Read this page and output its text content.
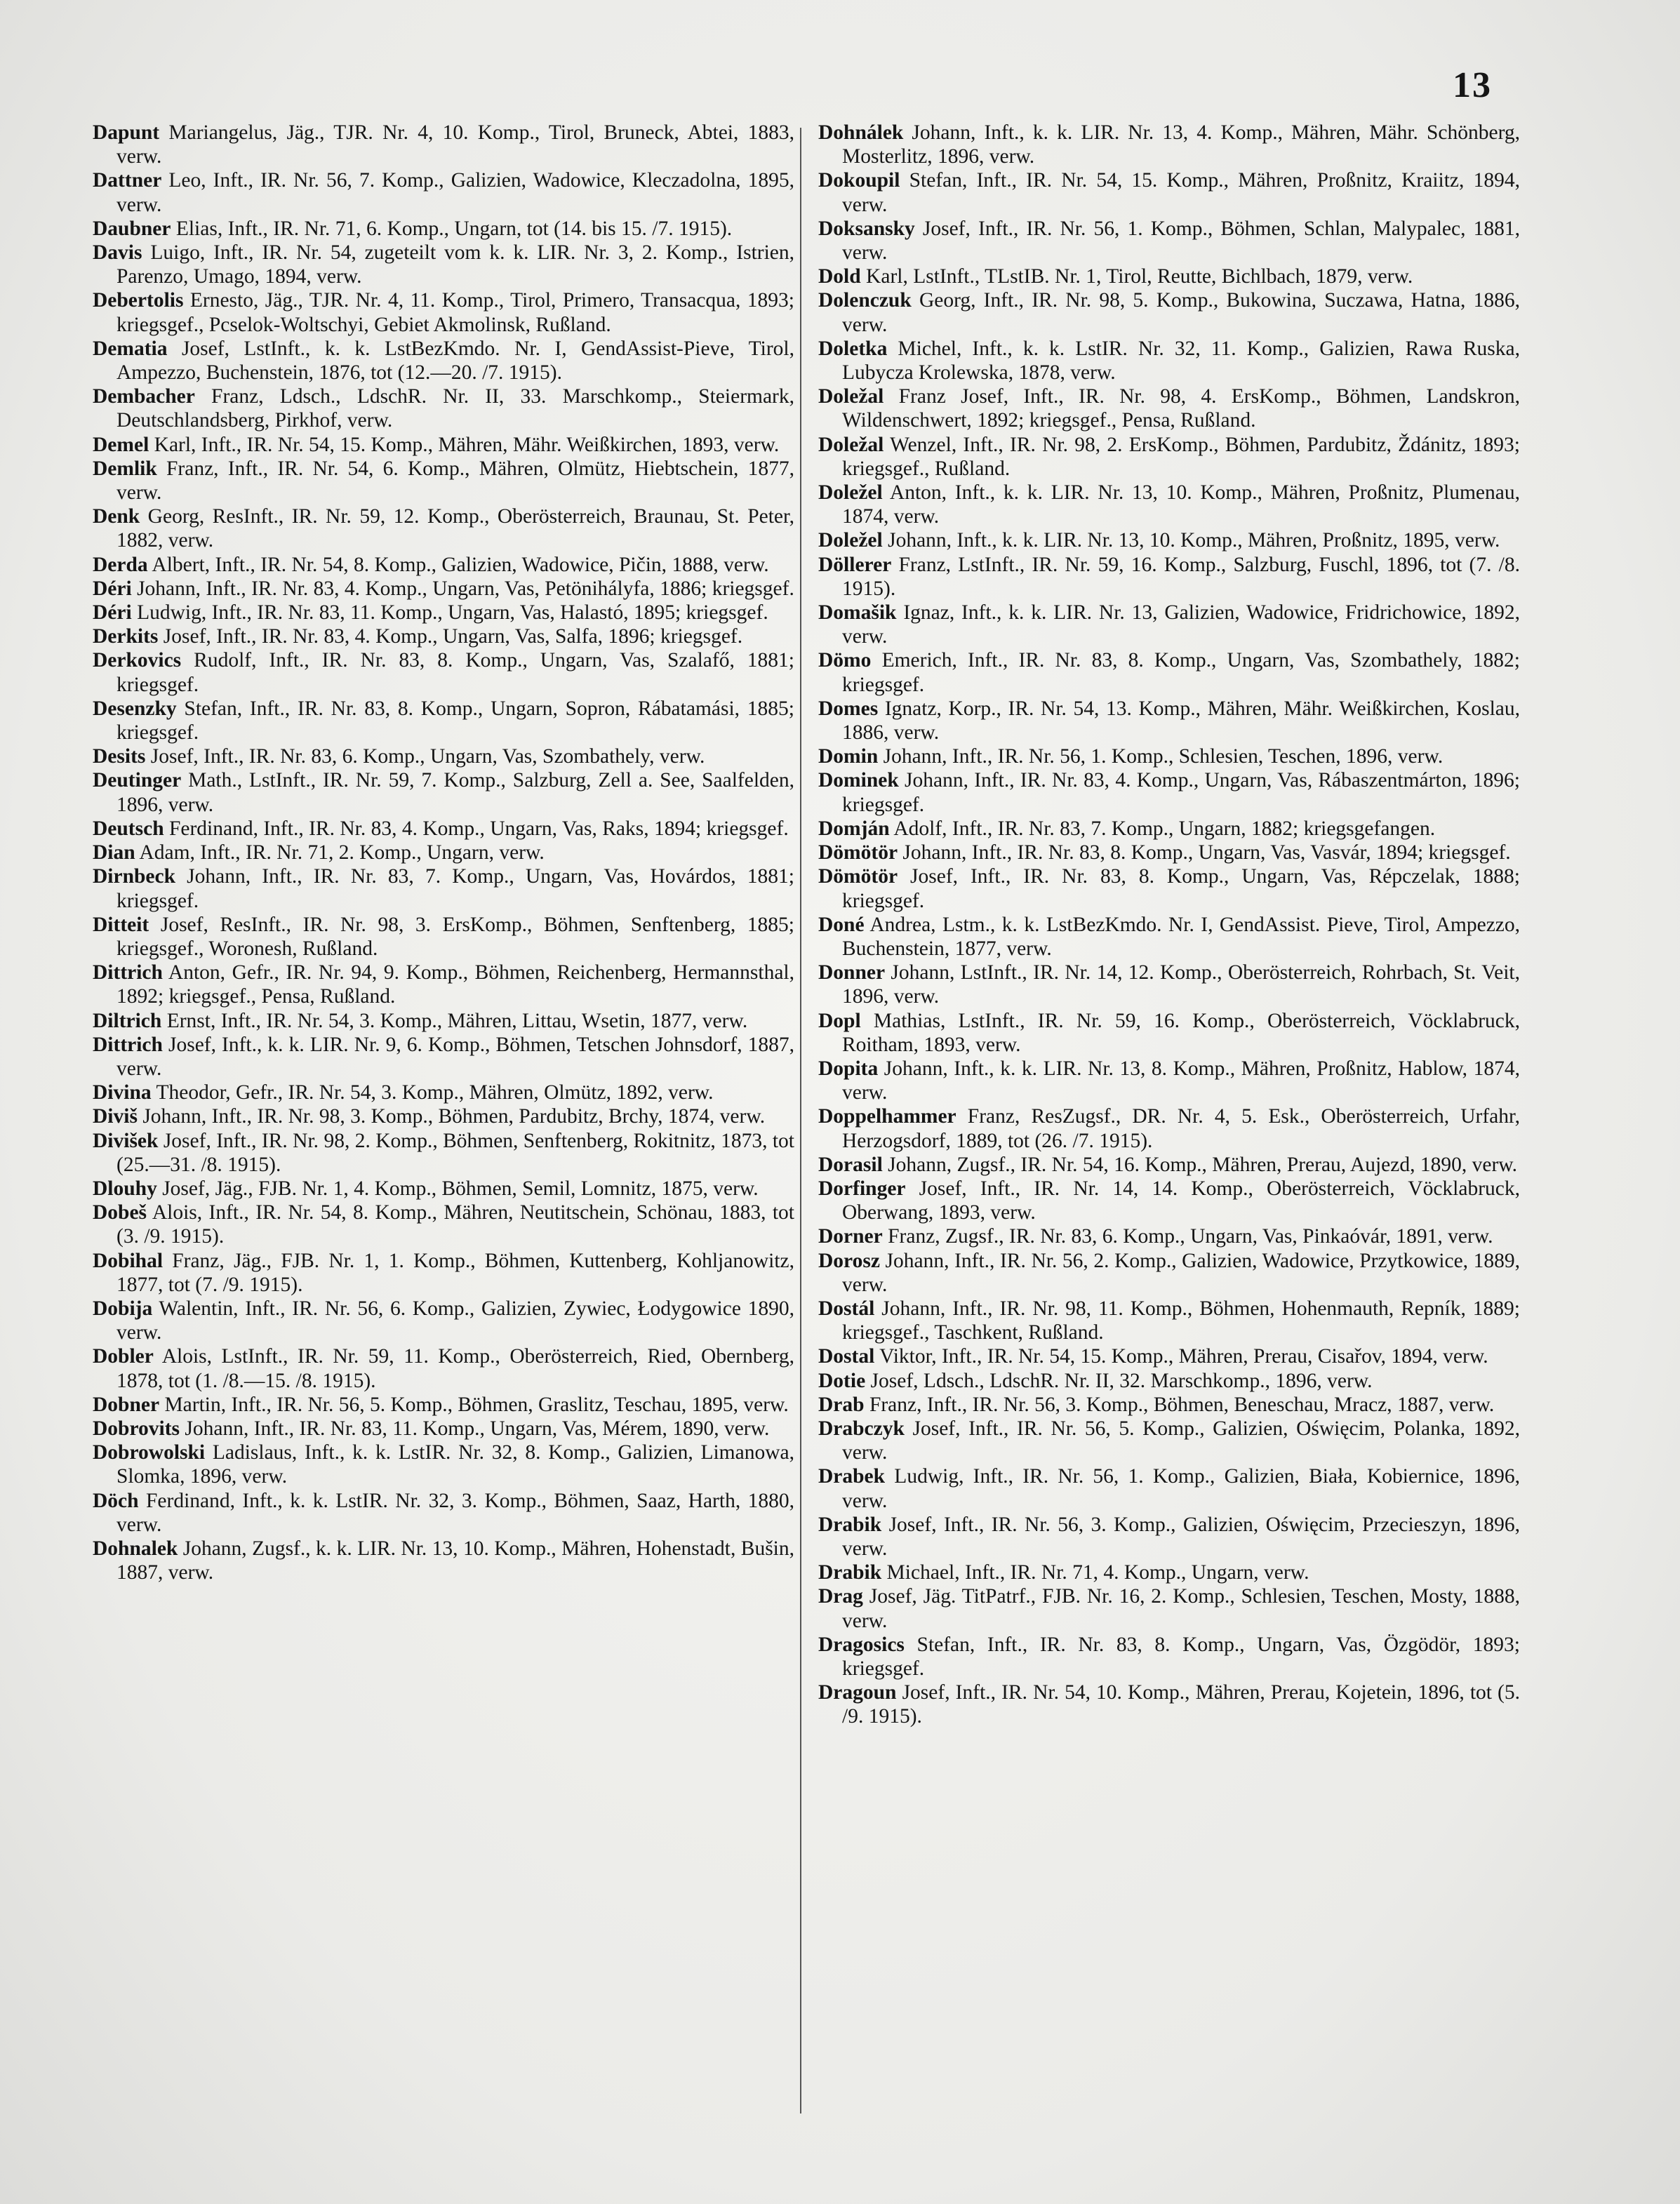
13

Dapunt Mariangelus, Jäg., TJR. Nr. 4, 10. Komp., Tirol, Bruneck, Abtei, 1883, verw.

Dattner Leo, Inft., IR. Nr. 56, 7. Komp., Galizien, Wadowice, Kleczadolna, 1895, verw.

Daubner Elias, Inft., IR. Nr. 71, 6. Komp., Ungarn, tot (14. bis 15. /7. 1915).

Davis Luigo, Inft., IR. Nr. 54, zugeteilt vom k. k. LIR. Nr. 3, 2. Komp., Istrien, Parenzo, Umago, 1894, verw.

Debertolis Ernesto, Jäg., TJR. Nr. 4, 11. Komp., Tirol, Primero, Transacqua, 1893; kriegsgef., Pcselok-Woltschyi, Gebiet Akmolinsk, Rußland.

Dematia Josef, LstInft., k. k. LstBezKmdo. Nr. I, GendAssist-Pieve, Tirol, Ampezzo, Buchenstein, 1876, tot (12.—20. /7. 1915).

Dembacher Franz, Ldsch., LdschR. Nr. II, 33. Marschkomp., Steiermark, Deutschlandsberg, Pirkhof, verw.

Demel Karl, Inft., IR. Nr. 54, 15. Komp., Mähren, Mähr. Weißkirchen, 1893, verw.

Demlik Franz, Inft., IR. Nr. 54, 6. Komp., Mähren, Olmütz, Hiebtschein, 1877, verw.

Denk Georg, ResInft., IR. Nr. 59, 12. Komp., Oberösterreich, Braunau, St. Peter, 1882, verw.

Derda Albert, Inft., IR. Nr. 54, 8. Komp., Galizien, Wadowice, Pičin, 1888, verw.

Déri Johann, Inft., IR. Nr. 83, 4. Komp., Ungarn, Vas, Petönihályfa, 1886; kriegsgef.

Déri Ludwig, Inft., IR. Nr. 83, 11. Komp., Ungarn, Vas, Halastó, 1895; kriegsgef.

Derkits Josef, Inft., IR. Nr. 83, 4. Komp., Ungarn, Vas, Salfa, 1896; kriegsgef.

Derkovics Rudolf, Inft., IR. Nr. 83, 8. Komp., Ungarn, Vas, Szalafő, 1881; kriegsgef.

Desenzky Stefan, Inft., IR. Nr. 83, 8. Komp., Ungarn, Sopron, Rábatamási, 1885; kriegsgef.

Desits Josef, Inft., IR. Nr. 83, 6. Komp., Ungarn, Vas, Szombathely, verw.

Deutinger Math., LstInft., IR. Nr. 59, 7. Komp., Salzburg, Zell a. See, Saalfelden, 1896, verw.

Deutsch Ferdinand, Inft., IR. Nr. 83, 4. Komp., Ungarn, Vas, Raks, 1894; kriegsgef.

Dian Adam, Inft., IR. Nr. 71, 2. Komp., Ungarn, verw.

Dirnbeck Johann, Inft., IR. Nr. 83, 7. Komp., Ungarn, Vas, Hovárdos, 1881; kriegsgef.

Ditteit Josef, ResInft., IR. Nr. 98, 3. ErsKomp., Böhmen, Senftenberg, 1885; kriegsgef., Woronesh, Rußland.

Dittrich Anton, Gefr., IR. Nr. 94, 9. Komp., Böhmen, Reichenberg, Hermannsthal, 1892; kriegsgef., Pensa, Rußland.

Diltrich Ernst, Inft., IR. Nr. 54, 3. Komp., Mähren, Littau, Wsetin, 1877, verw.

Dittrich Josef, Inft., k. k. LIR. Nr. 9, 6. Komp., Böhmen, Tetschen Johnsdorf, 1887, verw.

Divina Theodor, Gefr., IR. Nr. 54, 3. Komp., Mähren, Olmütz, 1892, verw.

Diviš Johann, Inft., IR. Nr. 98, 3. Komp., Böhmen, Pardubitz, Brchy, 1874, verw.

Divišek Josef, Inft., IR. Nr. 98, 2. Komp., Böhmen, Senftenberg, Rokitnitz, 1873, tot (25.—31. /8. 1915).

Dlouhy Josef, Jäg., FJB. Nr. 1, 4. Komp., Böhmen, Semil, Lomnitz, 1875, verw.

Dobeš Alois, Inft., IR. Nr. 54, 8. Komp., Mähren, Neutitschein, Schönau, 1883, tot (3. /9. 1915).

Dobihal Franz, Jäg., FJB. Nr. 1, 1. Komp., Böhmen, Kuttenberg, Kohljanowitz, 1877, tot (7. /9. 1915).

Dobija Walentin, Inft., IR. Nr. 56, 6. Komp., Galizien, Zywiec, Łodygowice 1890, verw.

Dobler Alois, LstInft., IR. Nr. 59, 11. Komp., Oberösterreich, Ried, Obernberg, 1878, tot (1. /8.—15. /8. 1915).

Dobner Martin, Inft., IR. Nr. 56, 5. Komp., Böhmen, Graslitz, Teschau, 1895, verw.

Dobrovits Johann, Inft., IR. Nr. 83, 11. Komp., Ungarn, Vas, Mérem, 1890, verw.

Dobrowolski Ladislaus, Inft., k. k. LstIR. Nr. 32, 8. Komp., Galizien, Limanowa, Slomka, 1896, verw.

Döch Ferdinand, Inft., k. k. LstIR. Nr. 32, 3. Komp., Böhmen, Saaz, Harth, 1880, verw.

Dohnalek Johann, Zugsf., k. k. LIR. Nr. 13, 10. Komp., Mähren, Hohenstadt, Bušin, 1887, verw.

Dohnálek Johann, Inft., k. k. LIR. Nr. 13, 4. Komp., Mähren, Mähr. Schönberg, Mosterlitz, 1896, verw.

Dokoupil Stefan, Inft., IR. Nr. 54, 15. Komp., Mähren, Proßnitz, Kraiitz, 1894, verw.

Doksansky Josef, Inft., IR. Nr. 56, 1. Komp., Böhmen, Schlan, Malypalec, 1881, verw.

Dold Karl, LstInft., TLstIB. Nr. 1, Tirol, Reutte, Bichlbach, 1879, verw.

Dolenczuk Georg, Inft., IR. Nr. 98, 5. Komp., Bukowina, Suczawa, Hatna, 1886, verw.

Doletka Michel, Inft., k. k. LstIR. Nr. 32, 11. Komp., Galizien, Rawa Ruska, Lubycza Krolewska, 1878, verw.

Doležal Franz Josef, Inft., IR. Nr. 98, 4. ErsKomp., Böhmen, Landskron, Wildenschwert, 1892; kriegsgef., Pensa, Rußland.

Doležal Wenzel, Inft., IR. Nr. 98, 2. ErsKomp., Böhmen, Pardubitz, Ždánitz, 1893; kriegsgef., Rußland.

Doležel Anton, Inft., k. k. LIR. Nr. 13, 10. Komp., Mähren, Proßnitz, Plumenau, 1874, verw.

Doležel Johann, Inft., k. k. LIR. Nr. 13, 10. Komp., Mähren, Proßnitz, 1895, verw.

Döllerer Franz, LstInft., IR. Nr. 59, 16. Komp., Salzburg, Fuschl, 1896, tot (7. /8. 1915).

Domašik Ignaz, Inft., k. k. LIR. Nr. 13, Galizien, Wadowice, Fridrichowice, 1892, verw.

Dömo Emerich, Inft., IR. Nr. 83, 8. Komp., Ungarn, Vas, Szombathely, 1882; kriegsgef.

Domes Ignatz, Korp., IR. Nr. 54, 13. Komp., Mähren, Mähr. Weißkirchen, Koslau, 1886, verw.

Domin Johann, Inft., IR. Nr. 56, 1. Komp., Schlesien, Teschen, 1896, verw.

Dominek Johann, Inft., IR. Nr. 83, 4. Komp., Ungarn, Vas, Rábaszentmárton, 1896; kriegsgef.

Domján Adolf, Inft., IR. Nr. 83, 7. Komp., Ungarn, 1882; kriegsgefangen.

Dömötör Johann, Inft., IR. Nr. 83, 8. Komp., Ungarn, Vas, Vasvár, 1894; kriegsgef.

Dömötör Josef, Inft., IR. Nr. 83, 8. Komp., Ungarn, Vas, Répczelak, 1888; kriegsgef.

Doné Andrea, Lstm., k. k. LstBezKmdo. Nr. I, GendAssist. Pieve, Tirol, Ampezzo, Buchenstein, 1877, verw.

Donner Johann, LstInft., IR. Nr. 14, 12. Komp., Oberösterreich, Rohrbach, St. Veit, 1896, verw.

Dopl Mathias, LstInft., IR. Nr. 59, 16. Komp., Oberösterreich, Vöcklabruck, Roitham, 1893, verw.

Dopita Johann, Inft., k. k. LIR. Nr. 13, 8. Komp., Mähren, Proßnitz, Hablow, 1874, verw.

Doppelhammer Franz, ResZugsf., DR. Nr. 4, 5. Esk., Oberösterreich, Urfahr, Herzogsdorf, 1889, tot (26. /7. 1915).

Dorasil Johann, Zugsf., IR. Nr. 54, 16. Komp., Mähren, Prerau, Aujezd, 1890, verw.

Dorfinger Josef, Inft., IR. Nr. 14, 14. Komp., Oberösterreich, Vöcklabruck, Oberwang, 1893, verw.

Dorner Franz, Zugsf., IR. Nr. 83, 6. Komp., Ungarn, Vas, Pinkaóvár, 1891, verw.

Dorosz Johann, Inft., IR. Nr. 56, 2. Komp., Galizien, Wadowice, Przytkowice, 1889, verw.

Dostál Johann, Inft., IR. Nr. 98, 11. Komp., Böhmen, Hohenmauth, Repník, 1889; kriegsgef., Taschkent, Rußland.

Dostal Viktor, Inft., IR. Nr. 54, 15. Komp., Mähren, Prerau, Cisařov, 1894, verw.

Dotie Josef, Ldsch., LdschR. Nr. II, 32. Marschkomp., 1896, verw.

Drab Franz, Inft., IR. Nr. 56, 3. Komp., Böhmen, Beneschau, Mracz, 1887, verw.

Drabczyk Josef, Inft., IR. Nr. 56, 5. Komp., Galizien, Oświęcim, Polanka, 1892, verw.

Drabek Ludwig, Inft., IR. Nr. 56, 1. Komp., Galizien, Biała, Kobiernice, 1896, verw.

Drabik Josef, Inft., IR. Nr. 56, 3. Komp., Galizien, Oświęcim, Przecieszyn, 1896, verw.

Drabik Michael, Inft., IR. Nr. 71, 4. Komp., Ungarn, verw.

Drag Josef, Jäg. TitPatrf., FJB. Nr. 16, 2. Komp., Schlesien, Teschen, Mosty, 1888, verw.

Dragosics Stefan, Inft., IR. Nr. 83, 8. Komp., Ungarn, Vas, Özgödör, 1893; kriegsgef.

Dragoun Josef, Inft., IR. Nr. 54, 10. Komp., Mähren, Prerau, Kojetein, 1896, tot (5. /9. 1915).
